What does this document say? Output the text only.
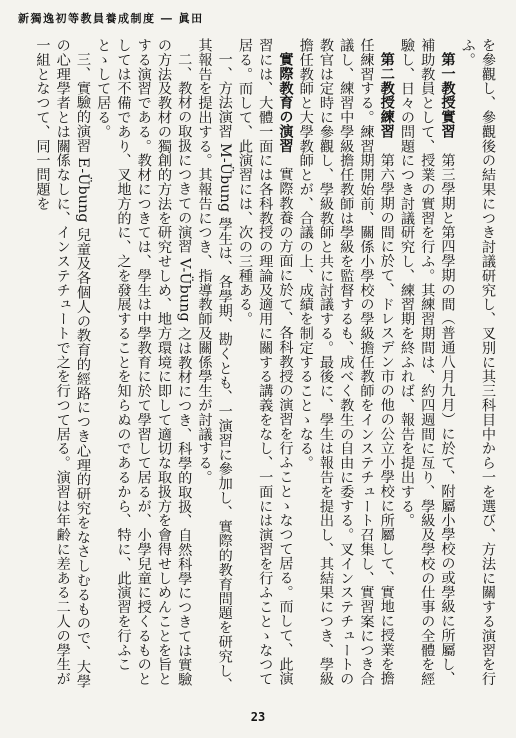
新獨逸初等教員養成制度 ― 眞田

を參觀し、參觀後の結果につき討議研究し、叉別に其三科目中から一を選び、方法に關する演習を行ふ。

第一教授實習　第三學期と第四學期の間（普通八月九月）に於て、附屬小學校の或學級に所屬し、補助教員として、授業の實習を行ふ。其練習期間は、約四週間に亙り、學級及學校の仕事の全體を經驗し、日々の問題につき討議研究し、練習期を終ふれば、報告を提出する。

第二教授練習　第六學期の間に於て、ドレスデン市の他の公立小學校に所屬して、實地に授業を擔任練習する。練習期開始前、關係小學校の學級擔任教師をインステチュート召集し、實習案につき合議し、練習中學級擔任教師は學級を監督するも、成べく教生の自由に委する。叉インステチュートの教官は定時に參觀し、學級教師と共に討議する。最後に、學生は報告を提出し、其結果につき、學級擔任教師と大學教師とが、合議の上、成績を制定することゝなる。

實際教育の演習　實際教養の方面に於て、各科教授の演習を行ふことゝなつて居る。而して、此演習には、大體一面には各科教授の理論及適用に關する講義をなし、一面には演習を行ふことゝなつて居る。而して、此演習には、次の三種ある。

一、方法演習 M-Übung 學生は、各學期、勘くとも、一演習に參加し、實際的教育問題を研究し、其報告を提出する。其報告につき、指導教師及關係學生が討議する。

二、教材の取扱につきての演習 V-Übung 之は教材につき、科學的取扱、自然科學につきては實驗の方法及教材の獨創的方法を研究せしめ、地方環境に即して適切な取扱方を會得せしめんことを旨とする演習である。教材につきては、學生は中學教育に於て學習して居るが、小學兒童に授くるものとしては不備であり、叉地方的に、之を發展することを知らぬのであるから、特に、此演習を行ふことゝして居る。

三、實驗的演習 E-Übung 兒童及各個人の教育的經路につき心理的研究をなさしむるもので、大學の心理學者とは關係なしに、インステチュートで之を行つて居る。演習は年齢に差ある二人の學生が一組となつて、同一問題を

23
